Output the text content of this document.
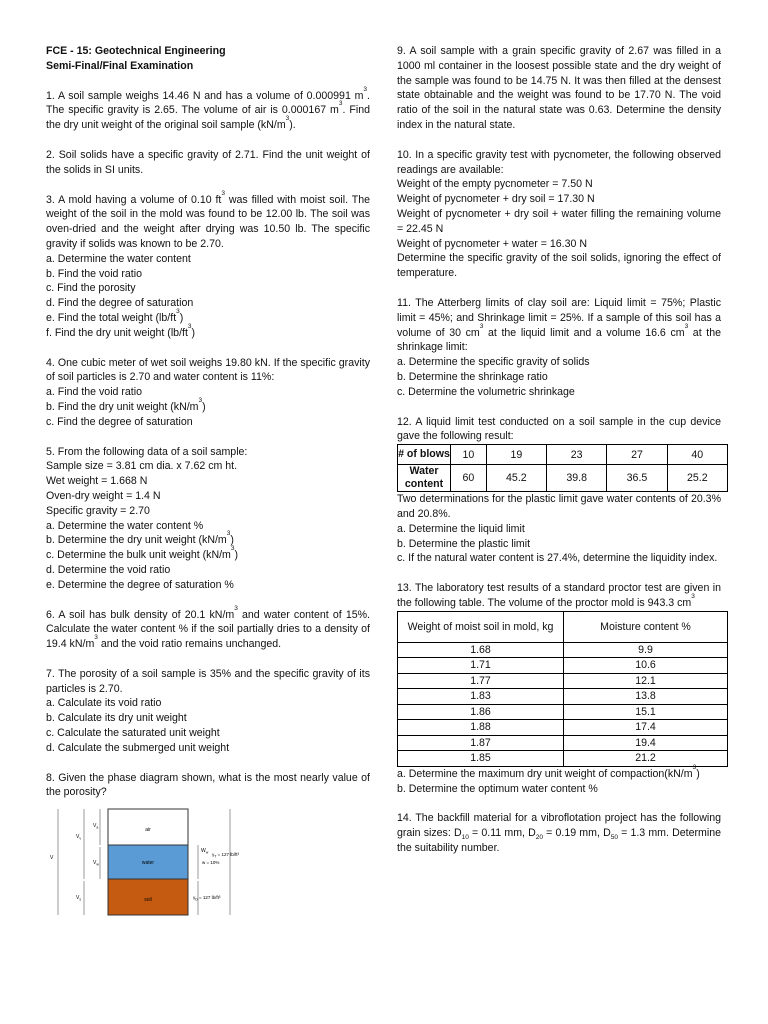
FCE - 15: Geotechnical Engineering

Semi-Final/Final Examination

1. A soil sample weighs 14.46 N and has a volume of 0.000991 $m^3$. The specific gravity is 2.65. The volume of air is 0.000167 $m^3$. Find the dry unit weight of the original soil sample $(kN/m^3)$.

2. Soil solids have a specific gravity of 2.71. Find the unit weight of the solids in SI units.

3. A mold having a volume of 0.10 $ft^3$ was filled with moist soil. The weight of the soil in the mold was found to be 12.00 lb. The soil was oven-dried and the weight after drying was 10.50 lb. The specific gravity if solids was known to be 2.70.

a. Determine the water content

b. Find the void ratio

c. Find the porosity

d. Find the degree of saturation

e. Find the total weight $(lb/ft^3)$

f. Find the dry unit weight $(lb/ft^3)$

4. One cubic meter of wet soil weighs 19.80 kN. If the specific gravity of soil particles is 2.70 and water content is 11%:

a. Find the void ratio

b. Find the dry unit weight $(kN/m^3)$

c. Find the degree of saturation

5. From the following data of a soil sample:

Sample size = 3.81 cm dia. x 7.62 cm ht.

Wet weight = 1.668 N

Oven-dry weight = 1.4 N

Specific gravity = 2.70

a. Determine the water content %

b. Determine the dry unit weight $(kN/m^3)$

c. Determine the bulk unit weight $(kN/m^3)$

d. Determine the void ratio

e. Determine the degree of saturation %

6. A soil has bulk density of 20.1 $kN/m^3$ and water content of 15%. Calculate the water content % if the soil partially dries to a density of 19.4 $kN/m^3$ and the void ratio remains unchanged.

7. The porosity of a soil sample is 35% and the specific gravity of its particles is 2.70.

a. Calculate its void ratio

b. Calculate its dry unit weight

c. Calculate the saturated unit weight

d. Calculate the submerged unit weight

8. Given the phase diagram shown, what is the most nearly value of the porosity?

air
water
soil
V
$V_v$
$V_s$
$V_a$
$V_w$
$W_w$
w = 10%
$\gamma_T = 127$ lb/ft³
$\gamma_D = 127$ lb/ft³

9. A soil sample with a grain specific gravity of 2.67 was filled in a 1000 ml container in the loosest possible state and the dry weight of the sample was found to be 14.75 N. It was then filled at the densest state obtainable and the weight was found to be 17.70 N. The void ratio of the soil in the natural state was 0.63. Determine the density index in the natural state.

10. In a specific gravity test with pycnometer, the following observed readings are available:

Weight of the empty pycnometer = 7.50 N

Weight of pycnometer + dry soil = 17.30 N

Weight of pycnometer + dry soil + water filling the remaining volume = 22.45 N

Weight of pycnometer + water = 16.30 N

Determine the specific gravity of the soil solids, ignoring the effect of temperature.

11. The Atterberg limits of clay soil are: Liquid limit = 75%; Plastic limit = 45%; and Shrinkage limit = 25%. If a sample of this soil has a volume of 30 $cm^3$ at the liquid limit and a volume 16.6 $cm^3$ at the shrinkage limit:

a. Determine the specific gravity of solids

b. Determine the shrinkage ratio

c. Determine the volumetric shrinkage

12. A liquid limit test conducted on a soil sample in the cup device gave the following result:

# of blows	10	19	23	27	40
Water content	60	45.2	39.8	36.5	25.2

Two determinations for the plastic limit gave water contents of 20.3% and 20.8%.

a. Determine the liquid limit

b. Determine the plastic limit

c. If the natural water content is 27.4%, determine the liquidity index.

13. The laboratory test results of a standard proctor test are given in the following table. The volume of the proctor mold is 943.3 $cm^3$

Weight of moist soil in mold, kg	Moisture content %
1.68	9.9
1.71	10.6
1.77	12.1
1.83	13.8
1.86	15.1
1.88	17.4
1.87	19.4
1.85	21.2

a. Determine the maximum dry unit weight of $compaction(kN/m^3)$

b. Determine the optimum water content %

14. The backfill material for a vibroflotation project has the following grain sizes: $D_{10} = 0.11$ mm, $D_{20} = 0.19$ mm, $D_{50} = 1.3$ mm. Determine the suitability number.
